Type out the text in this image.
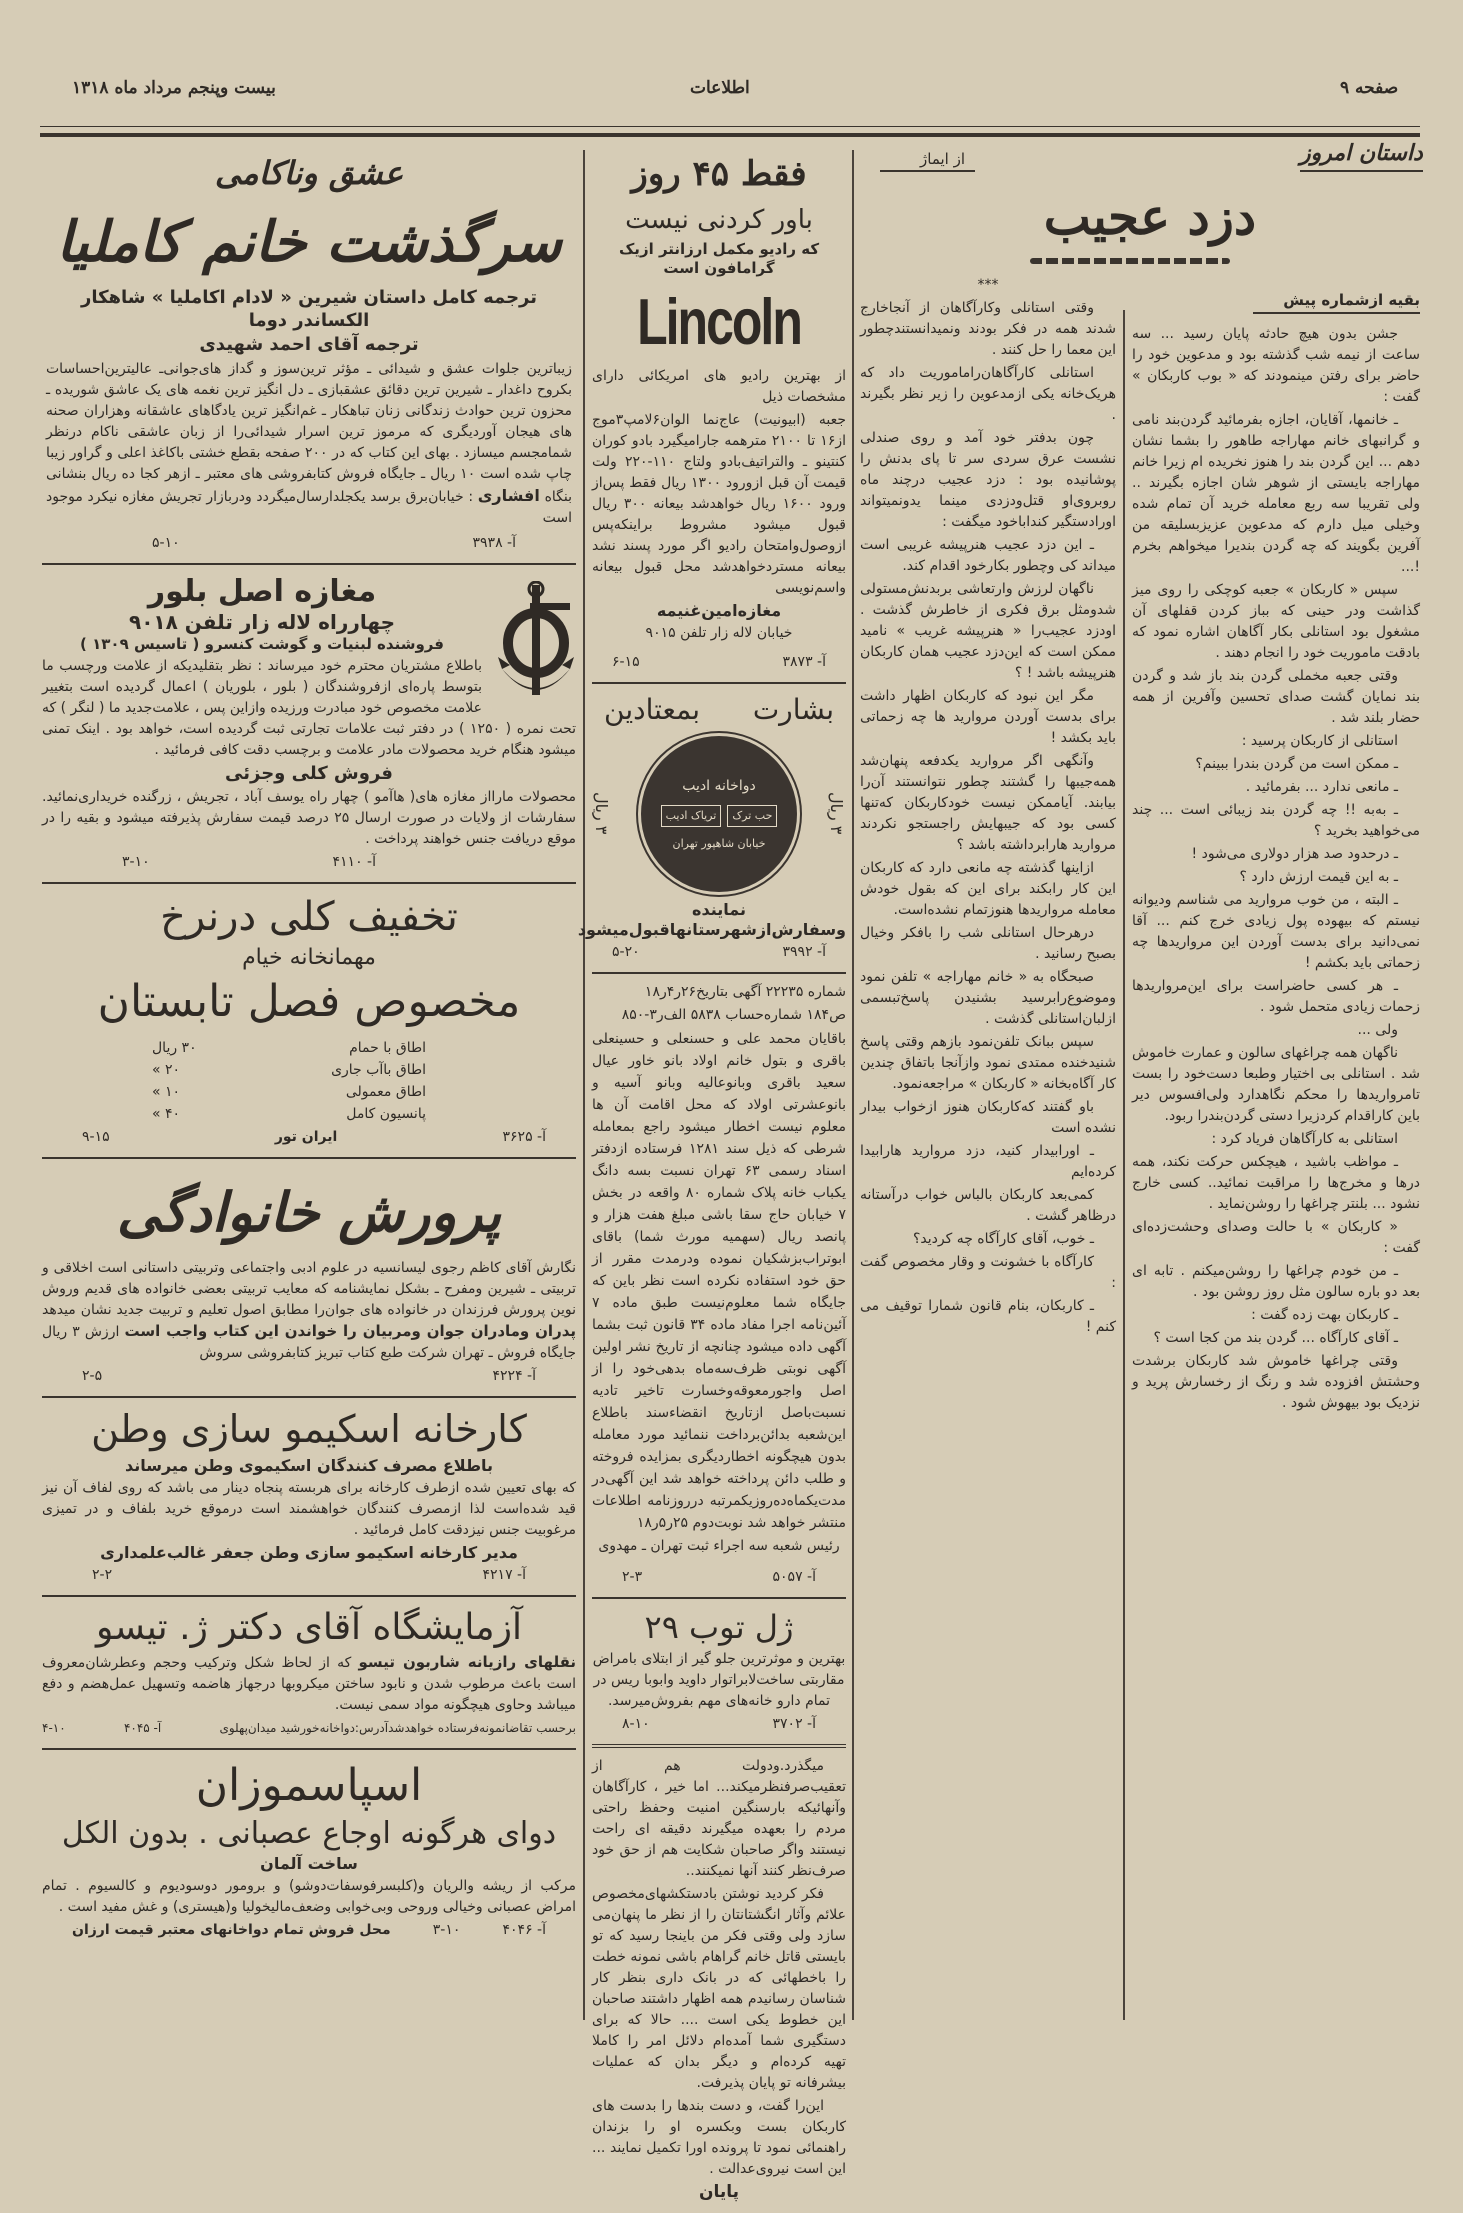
صفحه ۹
اطلاعات
بیست وپنجم مرداد ماه ۱۳۱۸
داستان امروز
از ایماژ
دزد عجیب
بقیه ازشماره پیش

جشن بدون هیچ حادثه پایان رسید ... سه ساعت از نیمه شب گذشته بود و مدعوین خود را حاضر برای رفتن مینمودند که « بوب کاربکان » گفت :

ـ خانمها، آقایان، اجازه بفرمائید گردن‌بند نامی و گرانبهای خانم مهاراجه طاهور را بشما نشان دهم ... این گردن بند را هنوز نخریده ام زیرا خانم مهاراجه بایستی از شوهر شان اجازه بگیرند .. ولی تقریبا سه ربع معامله خرید آن تمام شده وخیلی میل دارم که مدعوین عزیزبسلیقه من آفرین بگویند که چه گردن بندیرا میخواهم بخرم !...

سپس « کاربکان » جعبه کوچکی را روی میز گذاشت ودر حینی که بباز کردن قفلهای آن مشغول بود استانلی بکار آگاهان اشاره نمود که بادقت ماموریت خود را انجام دهند .

وقتی جعبه مخملی گردن بند باز شد و گردن بند نمایان گشت صدای تحسین وآفرین از همه حضار بلند شد .

استانلی از کاربکان پرسید :

ـ ممکن است من گردن بندرا ببینم؟

ـ مانعی ندارد ... بفرمائید .

ـ به‌به !! چه گردن بند زیبائی است ... چند می‌خواهید بخرید ؟

ـ درحدود صد هزار دولاری می‌شود !

ـ به این قیمت ارزش دارد ؟

ـ البته ، من خوب مروارید می شناسم ودیوانه نیستم که بیهوده پول زیادی خرج کنم ... آقا نمی‌دانید برای بدست آوردن این مرواریدها چه زحماتی باید بکشم !

ـ هر کسی حاضراست برای این‌مرواریدها زحمات زیادی متحمل شود .

ولی ...

ناگهان همه چراغهای سالون و عمارت خاموش شد . استانلی بی اختیار وطبعا دست‌خود را بست تامرواریدها را محکم نگاهدارد ولی‌افسوس دیر باین کاراقدام کردزیرا دستی گردن‌بندرا ربود.

استانلی به کارآگاهان فریاد کرد :

ـ مواظب باشید ، هیچکس حرکت نکند، همه درها و مخرج‌ها را مراقبت نمائید.. کسی خارج نشود ... بلنتر چراغها را روشن‌نماید .

« کاربکان » با حالت وصدای وحشت‌زده‌ای گفت :

ـ من خودم چراغها را روشن‌میکنم . تابه ای بعد دو باره سالون مثل روز روشن بود .

ـ کاربکان بهت زده گفت :

ـ آقای کارآگاه ... گردن بند من کجا است ؟

وقتی چراغها خاموش شد کاربکان برشدت وحشتش افزوده شد و رنگ از رخسارش پرید و نزدیک بود بیهوش شود .

***

وقتی استانلی وکارآگاهان از آنجاخارج شدند همه در فکر بودند ونمیدانستندچطور این معما را حل کنند .

استانلی کارآگاهان‌راماموریت داد که هریک‌خانه یکی ازمدعوین را زیر نظر بگیرند .

چون بدفتر خود آمد و روی صندلی نشست عرق سردی سر تا پای بدنش را پوشانیده بود : دزد عجیب درچند ماه روبروی‌او قتل‌ودزدی مینما یدونمیتواند اورادستگیر کندابا‌خود میگفت :

ـ این دزد عجیب هنرپیشه غریبی است میداند کی وچطور بکارخود اقدام کند.

ناگهان لرزش وارتعاشی بربدنش‌مستولی شدومثل برق فکری از خاطرش گذشت . اودزد عجیب‌را « هنرپیشه غریب » نامید ممکن است که این‌دزد عجیب همان کاربکان هنرپیشه باشد ! ؟

مگر این نبود که کاربکان اظهار داشت برای بدست آوردن مروارید ها چه زحماتی باید بکشد !

وآنگهی اگر مروارید یکدفعه پنهان‌شد همه‌جیبها را گشتند چطور نتوانستند آن‌را بیابند. آیاممکن نیست خودکاربکان که‌تنها کسی بود که جیبهایش راجستجو نکردند مروارید هارابرداشته باشد ؟

ازاینها گذشته چه مانعی دارد که کاربکان این کار رابکند برای این که بقول خودش معامله مرواریدها هنوزتمام نشده‌است.

درهرحال استانلی شب را بافکر وخیال بصبح رسانید .

صبحگاه به « خانم مهاراجه » تلفن نمود وموضوع‌رابرسید بشنیدن پاسخ‌تبسمی ازلبان‌استانلی گذشت .

سپس ببانک تلفن‌نمود بازهم وقتی پاسخ شنیدخنده ممتدی نمود وازآنجا باتفاق چندین کار آگاه‌بخانه « کاربکان » مراجعه‌نمود.

باو گفتند که‌کاربکان هنوز ازخواب بیدار نشده است

ـ اورابیدار کنید، دزد مروارید هارابیدا کرده‌ایم

کمی‌بعد کاربکان بالباس خواب درآستانه درظاهر گشت .

ـ خوب، آقای کارآگاه چه کردید؟

کارآگاه با خشونت و وقار مخصوص گفت :

ـ کاربکان، بنام قانون شمارا توقیف می کنم !

فقط ۴۵ روز
باور کردنی نیست
که رادیو مکمل ارزانتر ازیک گرامافون است
Lincoln
از بهترین رادیو های امریکائی دارای مشخصات ذیل
جعبه (ابیونیت) عاج‌نما الوان۶لامپ۳موج از۱۶ تا ۲۱۰۰ مترهمه جارامیگیرد بادو کوران کنتینو ـ والتراتیف‌بادو ولتاج ۱۱۰-۲۲۰ ولت قیمت آن قبل ازورود ۱۳۰۰ ریال فقط پس‌از ورود ۱۶۰۰ ریال خواهدشد بیعانه ۳۰۰ ریال قبول میشود مشروط براینکه‌پس ازوصول‌وامتحان رادیو اگر مورد پسند نشد بیعانه مستردخواهدشد محل قبول بیعانه واسم‌نویسی
مغازه‌امین‌غنیمه
خیابان لاله زار تلفن ۹۰۱۵
آ- ۳۸۷۳
۶-۱۵
بشارت
بمعتادین
۳ ریال
دواخانه ادیب
حب ترک
تریاک ادیب
خیابان شاهپور تهران
۳ ریال
نماینده وسفارش‌ازشهرستانهاقبول‌میشود
آ- ۳۹۹۲
۵-۲۰
شماره ۲۲۲۳۵ آگهی بتاریخ۲۶ر۴ر۱۸
ص۱۸۴ شماره‌حساب ۵۸۳۸ الف‌ر۳-۸۵۰
باقایان محمد علی و حسنعلی و حسینعلی باقری و بتول خانم اولاد بانو خاور عیال سعید باقری وبانوعالیه وبانو آسیه و بانوعشرتی اولاد که محل اقامت آن ها معلوم نیست اخطار میشود راجع بمعامله شرطی که ذیل سند ۱۲۸۱ فرستاده ازدفتر اسناد رسمی ۶۳ تهران نسبت بسه دانگ یکباب خانه پلاک شماره ۸۰ واقعه در بخش ۷ خیابان حاج سقا باشی مبلغ هفت هزار و پانصد ریال (سهمیه مورث شما) باقای ابوتراب‌بزشکیان نموده ودرمدت مقرر از حق خود استفاده نکرده است نظر باین که جایگاه شما معلوم‌نیست طبق ماده ۷ آئین‌نامه اجرا مفاد ماده ۳۴ قانون ثبت بشما آگهی داده میشود چنانچه از تاریخ نشر اولین آگهی نوبتی ظرف‌سه‌ماه بدهی‌خود را از اصل واجور‌معوقه‌وخسارت تاخیر تادیه نسبت‌باصل ازتاریخ انقضاءسند باطلاع این‌شعبه بدائن‌برداخت ننمائید مورد معامله بدون هیچگونه اخطاردیگری بمزایده فروخته و طلب دائن پرداخته خواهد شد این آگهی‌در مدت‌یکماه‌ده‌روزیکمرتبه درروزنامه اطلاعات منتشر خواهد شد نوبت‌دوم ۲۵ر۵ر۱۸
رئیس شعبه سه اجراء ثبت تهران ـ مهدوی
آ- ۵۰۵۷
۲-۳
ژل توب ۲۹
بهترین و موثرترین جلو گیر از ابتلای بامراض مقاربتی ساخت‌لابراتوار داوید وابوبا ریس در تمام دارو خانه‌های مهم بفروش‌میرسد.
آ- ۳۷۰۲
۸-۱۰

میگذرد.ودولت هم از تعقیب‌صرفنظرمیکند... اما خیر ، کارآگاهان وآنهائیکه بارسنگین امنیت وحفظ راحتی مردم را بعهده میگیرند دقیقه ای راحت نیستند واگر صاحبان شکایت هم از حق خود صرف‌نظر کنند آنها نمیکنند..

فکر کردید نوشتن بادستکشهای‌مخصوص علائم وآثار انگشتانتان را از نظر ما پنهان‌می سازد ولی وقتی فکر من باینجا رسید که تو بایستی قاتل خانم گراهام باشی نمونه خطت را باخطهائی که در بانک داری بنظر کار شناسان رسانیدم همه اظهار داشتند صاحبان این خطوط یکی است .... حالا که برای دستگیری شما آمده‌ام دلائل امر را کاملا تهیه کرده‌ام و دیگر بدان که عملیات بیشرفانه تو پایان پذیرفت.

این‌را گفت، و دست بندها را بدست های کاربکان بست وبکسره او را بزندان راهنمائی نمود تا پرونده اورا تکمیل نمایند ... این است نیروی‌عدالت .

پایان
عشق وناکامی
سرگذشت خانم کاملیا
ترجمه کامل داستان شیرین « لادام اکاملیا » شاهکار الکساندر دوما
ترجمه آقای احمد شهیدی
زیباترین جلوات عشق و شیدائی ـ مؤثر ترین‌سوز و گداز های‌جوانی‌ـ عالیترین‌احساسات بکروح داغدار ـ شیرین ترین دقائق عشقبازی ـ دل انگیز ترین نغمه های یک عاشق شوریده ـ محزون ترین حوادث زندگانی زنان تباهکار ـ غم‌انگیز ترین یادگاهای عاشقانه وهزاران صحنه های هیجان آوردیگری که مرموز ترین اسرار شیدائی‌را از زبان عاشقی ناکام درنظر شمامجسم میسازد . بهای این کتاب که در ۲۰۰ صفحه بقطع خشتی باکاغذ اعلی و گراور زیبا چاپ شده است ۱۰ ریال ـ جایگاه فروش کتابفروشی های معتبر ـ ازهر کجا ده ریال بنشانی بنگاه افشاری : خیابان‌برق برسد یکجلدارسال‌میگردد ودربازار تجریش مغازه نیکرد موجود است
آ- ۳۹۳۸
۵-۱۰
مغازه اصل بلور
چهارراه لاله زار تلفن ۹۰۱۸
فروشنده لبنیات و گوشت کنسرو ( تاسیس ۱۳۰۹ )
باطلاع مشتریان محترم خود میرساند : نظر بتقلیدیکه از علامت ورچسب ما بتوسط پاره‌ای ازفروشندگان ( بلور ، بلوریان ) اعمال گردیده است بتغییر علامت مخصوص خود مبادرت ورزیده وازاین پس ، علامت‌جدید ما ( لنگر ) که تحت نمره ( ۱۲۵۰ ) در دفتر ثبت علامات تجارتی ثبت گردیده است، خواهد بود . اینک تمنی میشود هنگام خرید محصولات مادر علامت و برچسب دقت کافی فرمائید .
فروش کلی وجزئی
محصولات مارااز مغازه های( هاآمو ) چهار راه یوسف آباد ، تجریش ، زرگنده خریداری‌نمائید. سفارشات از ولایات در صورت ارسال ۲۵ درصد قیمت سفارش پذیرفته میشود و بقیه را در موقع دریافت جنس خواهند پرداخت .
آ- ۴۱۱۰
۳-۱۰
تخفیف کلی درنرخ
مهمانخانه خیام
مخصوص فصل تابستان
اطاق با حمام
۳۰ ریال
اطاق باآب جاری
۲۰ »
اطاق معمولی
۱۰ »
پانسیون کامل
۴۰ »
آ- ۳۶۲۵
ایران تور
۹-۱۵
پرورش خانوادگی
نگارش آقای کاظم رجوی لیسانسیه در علوم ادبی واجتماعی وتربیتی داستانی است اخلاقی و تربیتی ـ شیرین ومفرح ـ بشکل نمایشنامه که معایب تربیتی بعضی خانواده های قدیم وروش نوین پرورش فرزندان در خانواده های جوان‌را مطابق اصول تعلیم و تربیت جدید نشان میدهد پدران ومادران جوان ومربیان را خواندن این کتاب واجب است ارزش ۳ ریال جایگاه فروش ـ تهران شرکت طبع کتاب تبریز کتابفروشی سروش
آ- ۴۲۲۴
۲-۵
کارخانه اسکیمو سازی وطن
باطلاع مصرف کنندگان اسکیموی وطن میرساند
که بهای تعیین شده ازطرف کارخانه برای هربسته پنجاه دینار می باشد که روی لفاف آن نیز قید شده‌است لذا ازمصرف کنندگان خواهشمند است درموقع خرید بلفاف و در تمیزی مرغوبیت جنس نیزدقت کامل فرمائید .
مدیر کارخانه اسکیمو سازی وطن جعفر غالب‌علمداری
آ- ۴۲۱۷
۲-۲
آزمایشگاه آقای دکتر ژ. تیسو
نقلهای رازیانه شاربون تیسو که از لحاظ شکل وترکیب وحجم وعطرشان‌معروف است باعث مرطوب شدن و نابود ساختن میکروبها درجهاز هاضمه وتسهیل عمل‌هضم و دفع میباشد وحاوی هیچگونه مواد سمی نیست.
برحسب تقاضا‌نمونه‌فرستاده خواهدشدآدرس:دواخانه‌خورشید میدان‌پهلوی
آ- ۴۰۴۵
۴-۱۰
اسپاسموزان
دوای هرگونه اوجاع عصبانی . بدون الکل
ساخت آلمان
مرکب از ریشه والریان و(کلبسرفوسفات‌دوشو) و برومور دوسودیوم و کالسیوم . تمام امراض عصبانی وخیالی وروحی وبی‌خوابی وضعف‌مالیخولیا و(هیستری) و غش مفید است .
آ- ۴۰۴۶
۳-۱۰
محل فروش تمام دواخانهای معتبر قیمت ارزان
